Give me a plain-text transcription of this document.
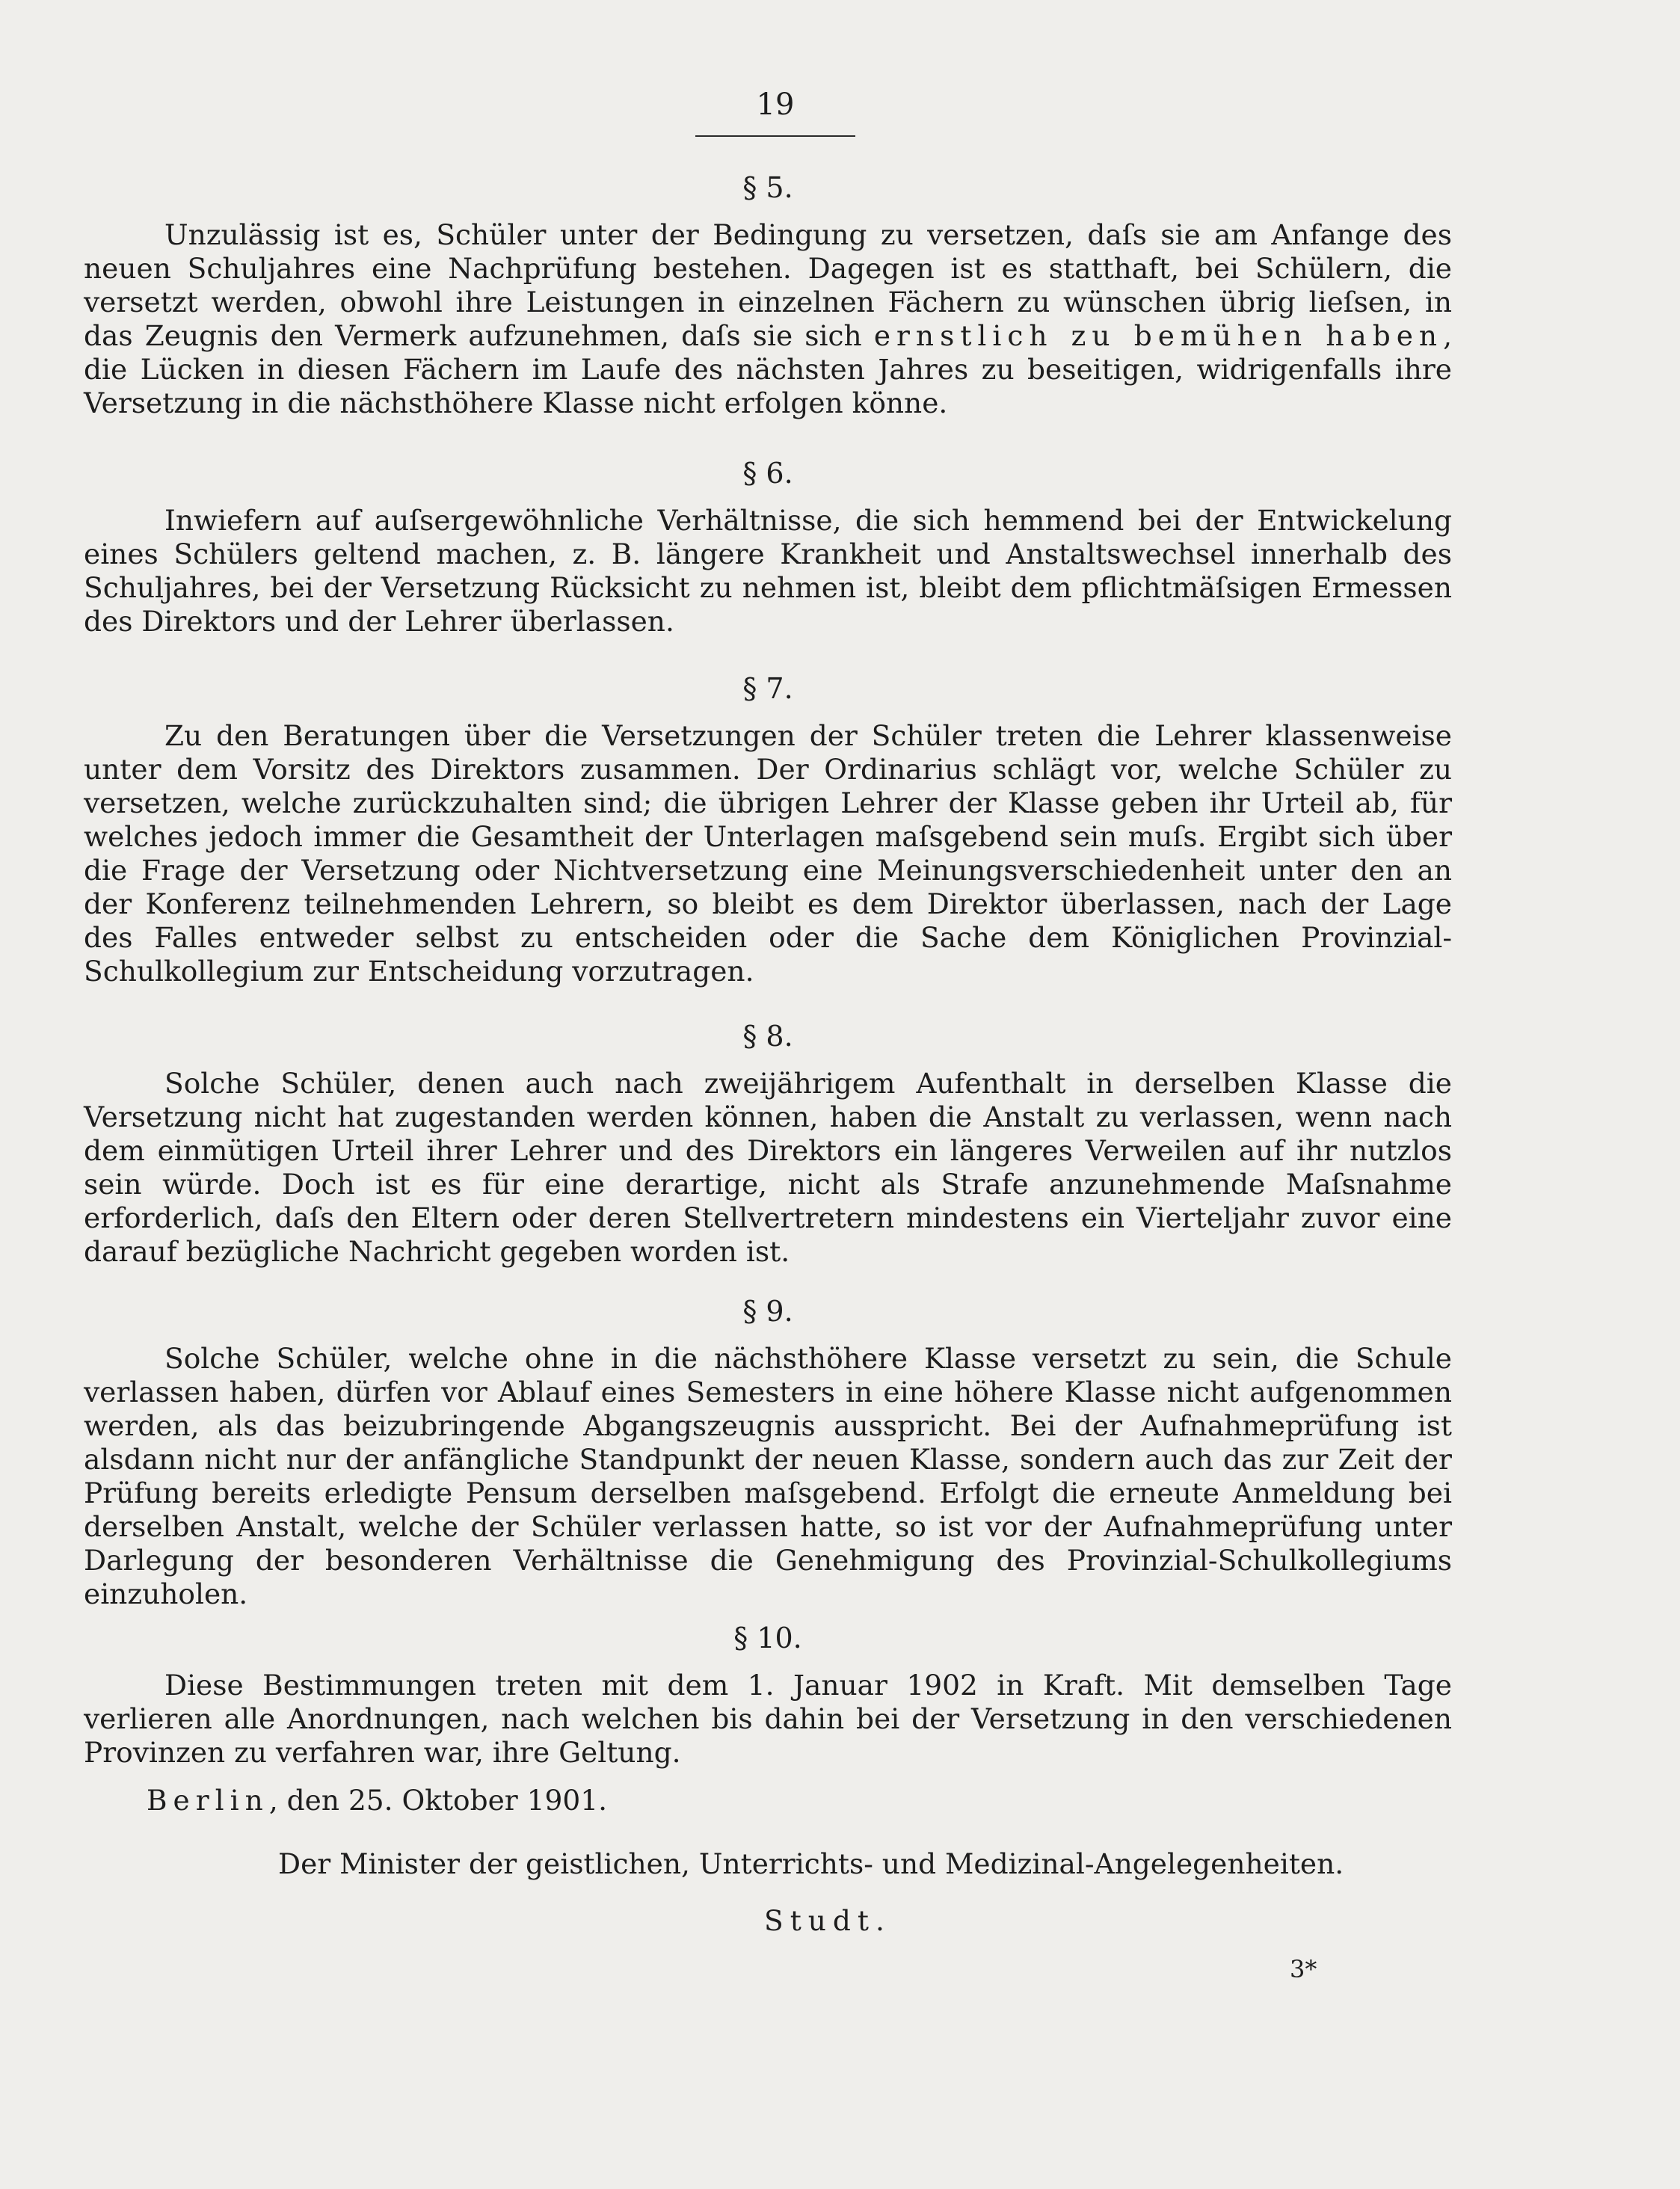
19
§ 5.

Unzulässig ist es, Schüler unter der Bedingung zu versetzen, daſs sie am Anfange des neuen Schuljahres eine Nachprüfung bestehen. Dagegen ist es statthaft, bei Schülern, die versetzt werden, obwohl ihre Leistungen in einzelnen Fächern zu wünschen übrig lieſsen, in das Zeugnis den Vermerk aufzunehmen, daſs sie sich ernstlich zu bemühen haben, die Lücken in diesen Fächern im Laufe des nächsten Jahres zu beseitigen, widrigenfalls ihre Versetzung in die nächsthöhere Klasse nicht erfolgen könne.

§ 6.

Inwiefern auf auſsergewöhnliche Verhältnisse, die sich hemmend bei der Entwickelung eines Schülers geltend machen, z. B. längere Krankheit und Anstaltswechsel innerhalb des Schuljahres, bei der Versetzung Rücksicht zu nehmen ist, bleibt dem pflichtmäſsigen Ermessen des Direktors und der Lehrer überlassen.

§ 7.

Zu den Beratungen über die Versetzungen der Schüler treten die Lehrer klassenweise unter dem Vorsitz des Direktors zusammen. Der Ordinarius schlägt vor, welche Schüler zu versetzen, welche zurückzuhalten sind; die übrigen Lehrer der Klasse geben ihr Urteil ab, für welches jedoch immer die Gesamtheit der Unterlagen maſsgebend sein muſs. Ergibt sich über die Frage der Versetzung oder Nichtversetzung eine Meinungsverschiedenheit unter den an der Konferenz teilnehmenden Lehrern, so bleibt es dem Direktor überlassen, nach der Lage des Falles entweder selbst zu entscheiden oder die Sache dem Königlichen Provinzial-Schulkollegium zur Entscheidung vorzutragen.

§ 8.

Solche Schüler, denen auch nach zweijährigem Aufenthalt in derselben Klasse die Versetzung nicht hat zugestanden werden können, haben die Anstalt zu verlassen, wenn nach dem einmütigen Urteil ihrer Lehrer und des Direktors ein längeres Verweilen auf ihr nutzlos sein würde. Doch ist es für eine derartige, nicht als Strafe anzunehmende Maſsnahme erforderlich, daſs den Eltern oder deren Stellvertretern mindestens ein Vierteljahr zuvor eine darauf bezügliche Nachricht gegeben worden ist.

§ 9.

Solche Schüler, welche ohne in die nächsthöhere Klasse versetzt zu sein, die Schule verlassen haben, dürfen vor Ablauf eines Semesters in eine höhere Klasse nicht aufgenommen werden, als das beizubringende Abgangszeugnis ausspricht. Bei der Aufnahmeprüfung ist alsdann nicht nur der anfängliche Standpunkt der neuen Klasse, sondern auch das zur Zeit der Prüfung bereits erledigte Pensum derselben maſsgebend. Erfolgt die erneute Anmeldung bei derselben Anstalt, welche der Schüler verlassen hatte, so ist vor der Aufnahmeprüfung unter Darlegung der besonderen Verhältnisse die Genehmigung des Provinzial-Schulkollegiums einzuholen.

§ 10.

Diese Bestimmungen treten mit dem 1. Januar 1902 in Kraft. Mit demselben Tage verlieren alle Anordnungen, nach welchen bis dahin bei der Versetzung in den verschiedenen Provinzen zu verfahren war, ihre Geltung.

Berlin, den 25. Oktober 1901.
Der Minister der geistlichen, Unterrichts- und Medizinal-Angelegenheiten.
Studt.
3*
